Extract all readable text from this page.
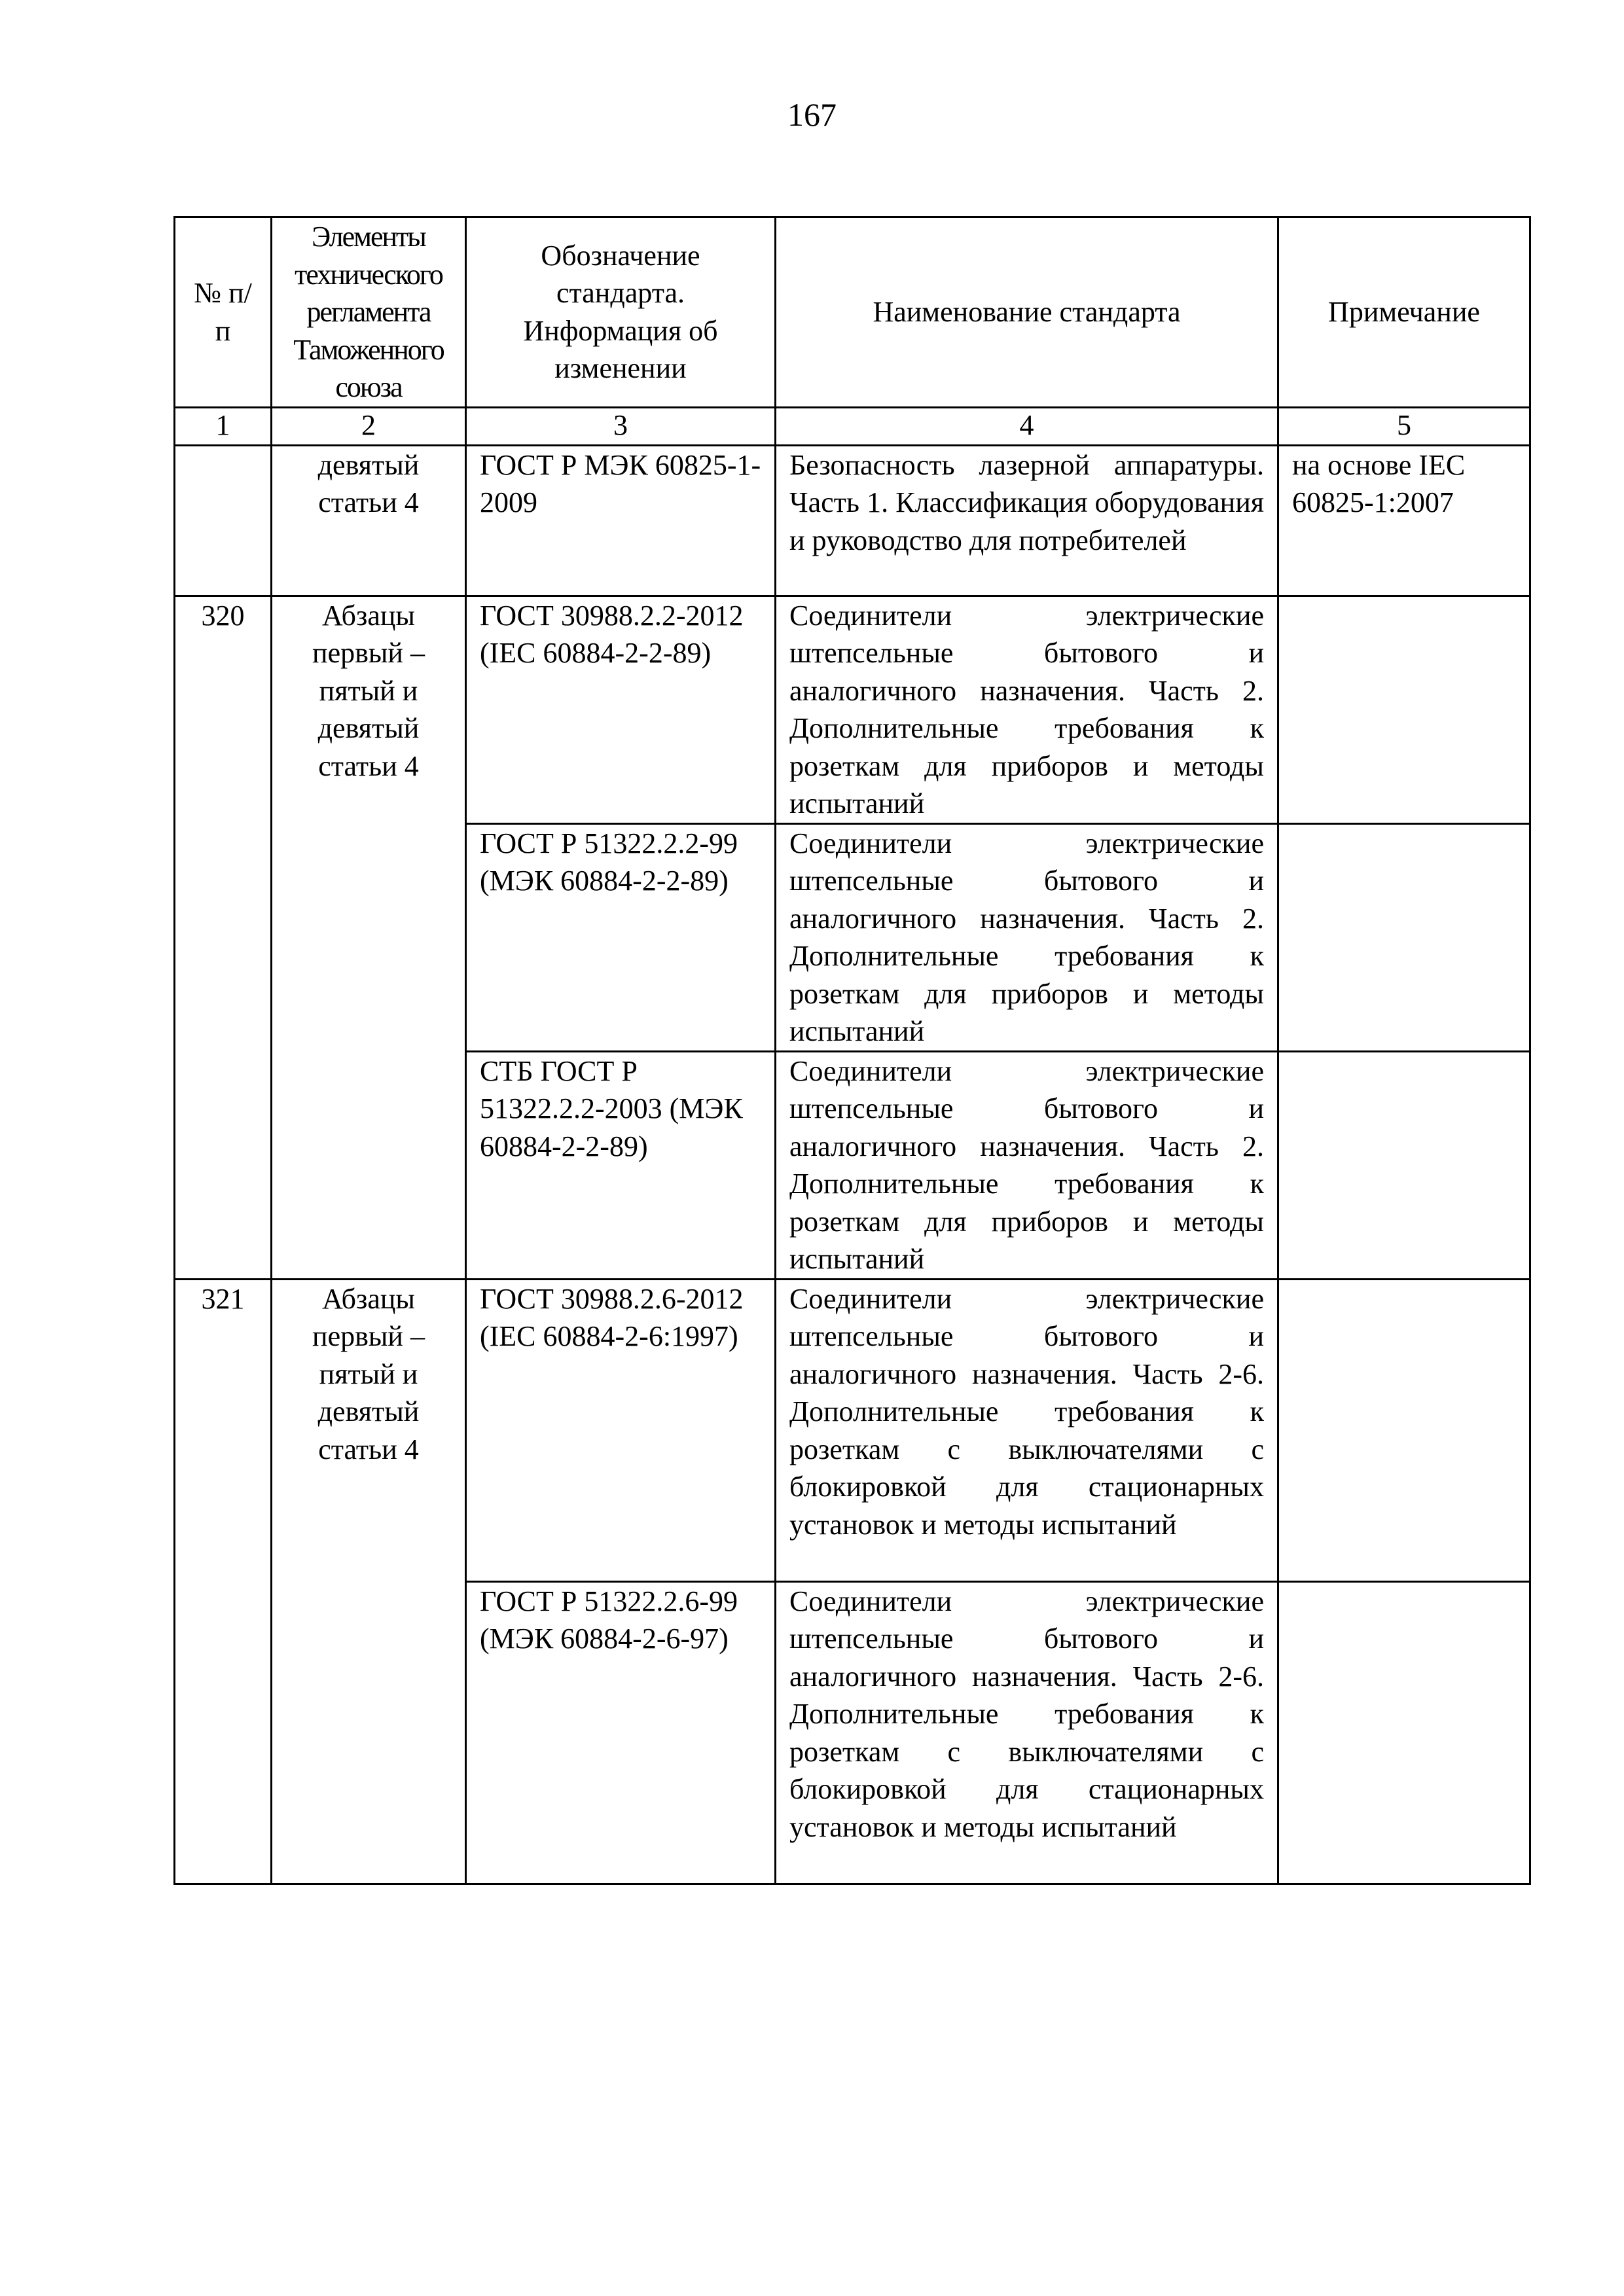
167
№ п/п	Элементы технического регламента Таможенного союза	Обозначение стандарта. Информация об изменении	Наименование стандарта	Примечание
1	2	3	4	5
	девятый статьи 4	ГОСТ Р МЭК 60825-1-2009	Безопасность лазерной аппаратуры. Часть 1. Классификация оборудования и руководство для потребителей	на основе IEC 60825-1:2007
320	Абзацы первый – пятый и девятый статьи 4	ГОСТ 30988.2.2-2012 (IEC 60884-2-2-89)	Соединители электрические штепсельные бытового и аналогичного назначения. Часть 2. Дополнительные требования к розеткам для приборов и методы испытаний	
		ГОСТ Р 51322.2.2-99 (МЭК 60884-2-2-89)	Соединители электрические штепсельные бытового и аналогичного назначения. Часть 2. Дополнительные требования к розеткам для приборов и методы испытаний	
		СТБ ГОСТ Р 51322.2.2-2003 (МЭК 60884-2-2-89)	Соединители электрические штепсельные бытового и аналогичного назначения. Часть 2. Дополнительные требования к розеткам для приборов и методы испытаний	
321	Абзацы первый – пятый и девятый статьи 4	ГОСТ 30988.2.6-2012 (IEC 60884-2-6:1997)	Соединители электрические штепсельные бытового и аналогичного назначения. Часть 2-6. Дополнительные требования к розеткам с выключателями с блокировкой для стационарных установок и методы испытаний	
		ГОСТ Р 51322.2.6-99 (МЭК 60884-2-6-97)	Соединители электрические штепсельные бытового и аналогичного назначения. Часть 2-6. Дополнительные требования к розеткам с выключателями с блокировкой для стационарных установок и методы испытаний	
